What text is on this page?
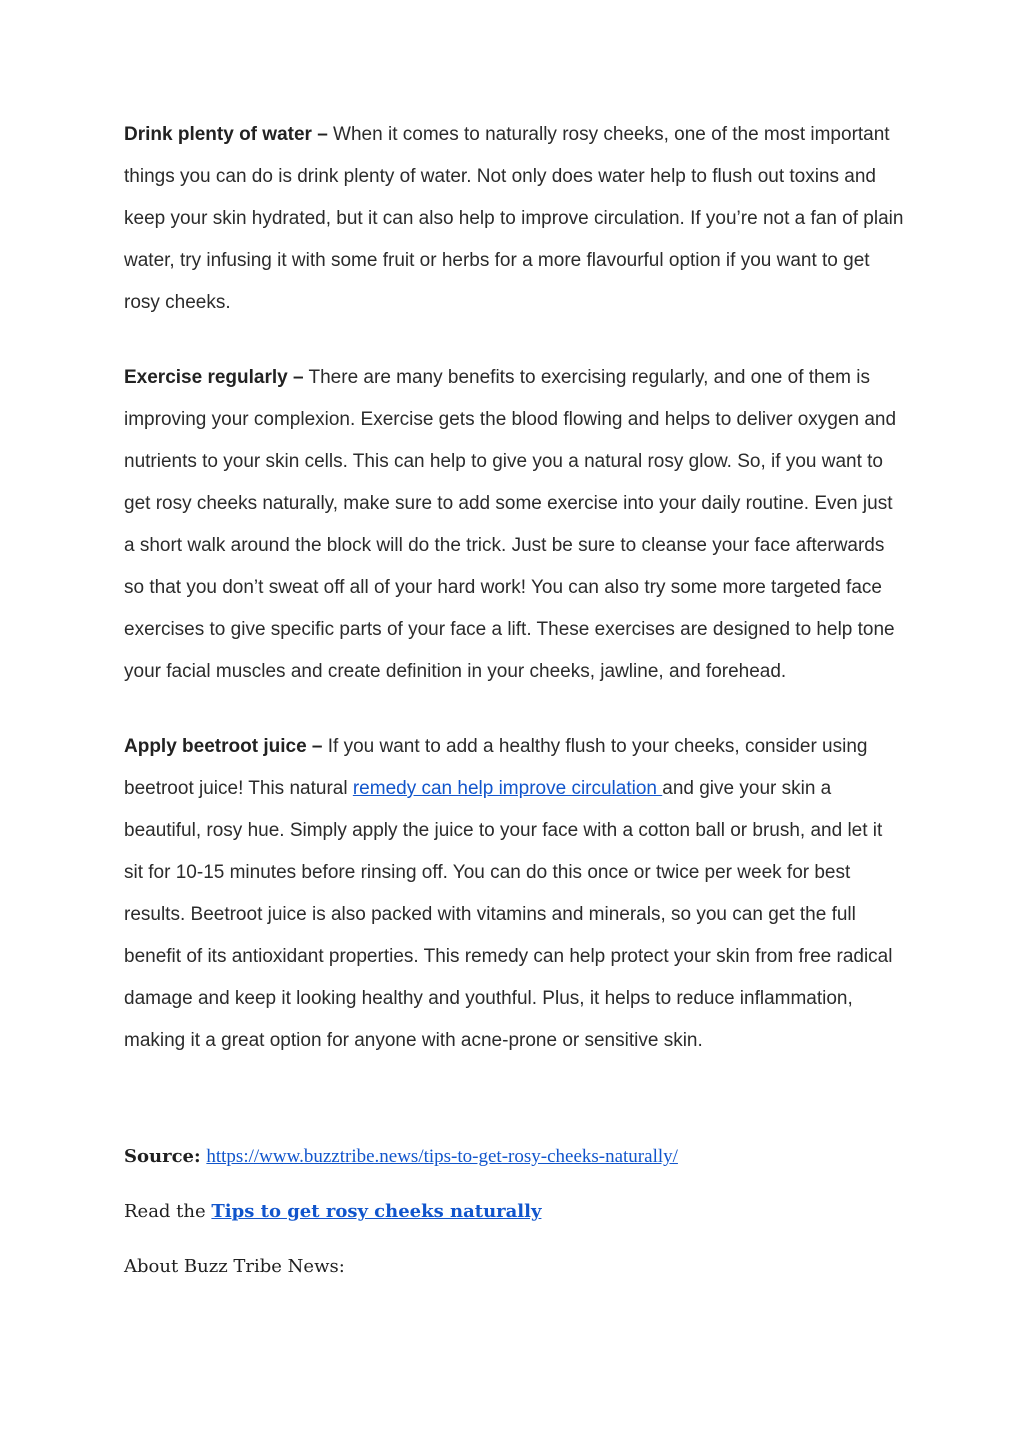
Drink plenty of water – When it comes to naturally rosy cheeks, one of the most important things you can do is drink plenty of water. Not only does water help to flush out toxins and keep your skin hydrated, but it can also help to improve circulation. If you’re not a fan of plain water, try infusing it with some fruit or herbs for a more flavourful option if you want to get rosy cheeks.

Exercise regularly – There are many benefits to exercising regularly, and one of them is improving your complexion. Exercise gets the blood flowing and helps to deliver oxygen and nutrients to your skin cells. This can help to give you a natural rosy glow. So, if you want to get rosy cheeks naturally, make sure to add some exercise into your daily routine. Even just a short walk around the block will do the trick. Just be sure to cleanse your face afterwards so that you don’t sweat off all of your hard work! You can also try some more targeted face exercises to give specific parts of your face a lift. These exercises are designed to help tone your facial muscles and create definition in your cheeks, jawline, and forehead.

Apply beetroot juice – If you want to add a healthy flush to your cheeks, consider using beetroot juice! This natural remedy can help improve circulation and give your skin a beautiful, rosy hue. Simply apply the juice to your face with a cotton ball or brush, and let it sit for 10-15 minutes before rinsing off. You can do this once or twice per week for best results. Beetroot juice is also packed with vitamins and minerals, so you can get the full benefit of its antioxidant properties. This remedy can help protect your skin from free radical damage and keep it looking healthy and youthful. Plus, it helps to reduce inflammation, making it a great option for anyone with acne-prone or sensitive skin.

Source: https://www.buzztribe.news/tips-to-get-rosy-cheeks-naturally/

Read the Tips to get rosy cheeks naturally

About Buzz Tribe News:
